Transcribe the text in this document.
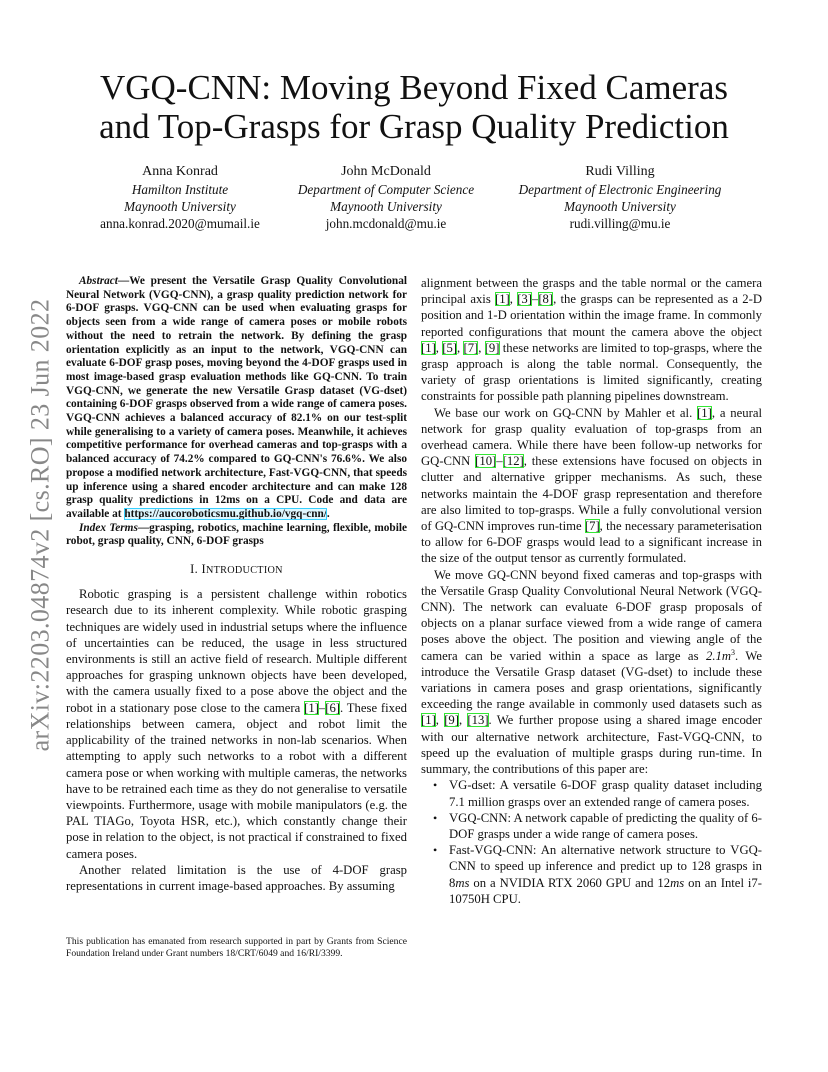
arXiv:2203.04874v2 [cs.RO] 23 Jun 2022
VGQ-CNN: Moving Beyond Fixed Cameras and Top-Grasps for Grasp Quality Prediction
Anna Konrad
Hamilton Institute
Maynooth University
anna.konrad.2020@mumail.ie
John McDonald
Department of Computer Science
Maynooth University
john.mcdonald@mu.ie
Rudi Villing
Department of Electronic Engineering
Maynooth University
rudi.villing@mu.ie

Abstract—We present the Versatile Grasp Quality Convolutional Neural Network (VGQ-CNN), a grasp quality prediction network for 6-DOF grasps. VGQ-CNN can be used when evaluating grasps for objects seen from a wide range of camera poses or mobile robots without the need to retrain the network. By defining the grasp orientation explicitly as an input to the network, VGQ-CNN can evaluate 6-DOF grasp poses, moving beyond the 4-DOF grasps used in most image-based grasp evaluation methods like GQ-CNN. To train VGQ-CNN, we generate the new Versatile Grasp dataset (VG-dset) containing 6-DOF grasps observed from a wide range of camera poses. VGQ-CNN achieves a balanced accuracy of 82.1% on our test-split while generalising to a variety of camera poses. Meanwhile, it achieves competitive performance for overhead cameras and top-grasps with a balanced accuracy of 74.2% compared to GQ-CNN's 76.6%. We also propose a modified network architecture, Fast-VGQ-CNN, that speeds up inference using a shared encoder architecture and can make 128 grasp quality predictions in 12ms on a CPU. Code and data are available at https://aucoroboticsmu.github.io/vgq-cnn/.

Index Terms—grasping, robotics, machine learning, flexible, mobile robot, grasp quality, CNN, 6-DOF grasps

I. INTRODUCTION

Robotic grasping is a persistent challenge within robotics research due to its inherent complexity. While robotic grasping techniques are widely used in industrial setups where the influence of uncertainties can be reduced, the usage in less structured environments is still an active field of research. Multiple different approaches for grasping unknown objects have been developed, with the camera usually fixed to a pose above the object and the robot in a stationary pose close to the camera [1]–[6]. These fixed relationships between camera, object and robot limit the applicability of the trained networks in non-lab scenarios. When attempting to apply such networks to a robot with a different camera pose or when working with multiple cameras, the networks have to be retrained each time as they do not generalise to versatile viewpoints. Furthermore, usage with mobile manipulators (e.g. the PAL TIAGo, Toyota HSR, etc.), which constantly change their pose in relation to the object, is not practical if constrained to fixed camera poses.

Another related limitation is the use of 4-DOF grasp representations in current image-based approaches. By assuming

This publication has emanated from research supported in part by Grants from Science Foundation Ireland under Grant numbers 18/CRT/6049 and 16/RI/3399.

alignment between the grasps and the table normal or the camera principal axis [1], [3]–[8], the grasps can be represented as a 2-D position and 1-D orientation within the image frame. In commonly reported configurations that mount the camera above the object [1], [5], [7], [9] these networks are limited to top-grasps, where the grasp approach is along the table normal. Consequently, the variety of grasp orientations is limited significantly, creating constraints for possible path planning pipelines downstream.

We base our work on GQ-CNN by Mahler et al. [1], a neural network for grasp quality evaluation of top-grasps from an overhead camera. While there have been follow-up networks for GQ-CNN [10]–[12], these extensions have focused on objects in clutter and alternative gripper mechanisms. As such, these networks maintain the 4-DOF grasp representation and therefore are also limited to top-grasps. While a fully convolutional version of GQ-CNN improves run-time [7], the necessary parameterisation to allow for 6-DOF grasps would lead to a significant increase in the size of the output tensor as currently formulated.

We move GQ-CNN beyond fixed cameras and top-grasps with the Versatile Grasp Quality Convolutional Neural Network (VGQ-CNN). The network can evaluate 6-DOF grasp proposals of objects on a planar surface viewed from a wide range of camera poses above the object. The position and viewing angle of the camera can be varied within a space as large as $2.1m^3$. We introduce the Versatile Grasp dataset (VG-dset) to include these variations in camera poses and grasp orientations, significantly exceeding the range available in commonly used datasets such as [1], [9], [13]. We further propose using a shared image encoder with our alternative network architecture, Fast-VGQ-CNN, to speed up the evaluation of multiple grasps during run-time. In summary, the contributions of this paper are:

• VG-dset: A versatile 6-DOF grasp quality dataset including 7.1 million grasps over an extended range of camera poses.
• VGQ-CNN: A network capable of predicting the quality of 6-DOF grasps under a wide range of camera poses.
• Fast-VGQ-CNN: An alternative network structure to VGQ-CNN to speed up inference and predict up to 128 grasps in 8ms on a NVIDIA RTX 2060 GPU and 12ms on an Intel i7-10750H CPU.
